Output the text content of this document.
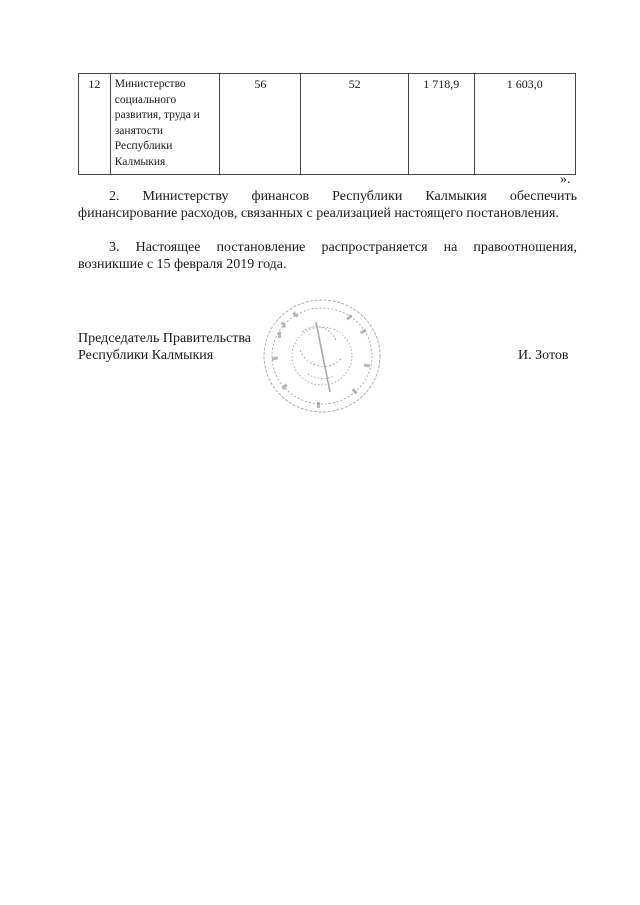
12	Министерство
социального
развития, труда и
занятости
Республики
Калмыкия
	56	52	1 718,9	1 603,0
».
2. Министерству финансов Республики Калмыкия обеспечить финансирование расходов, связанных с реализацией настоящего постановления.
3. Настоящее постановление распространяется на правоотношения, возникшие с 15 февраля 2019 года.
Председатель Правительства
Республики Калмыкия	И. Зотов
